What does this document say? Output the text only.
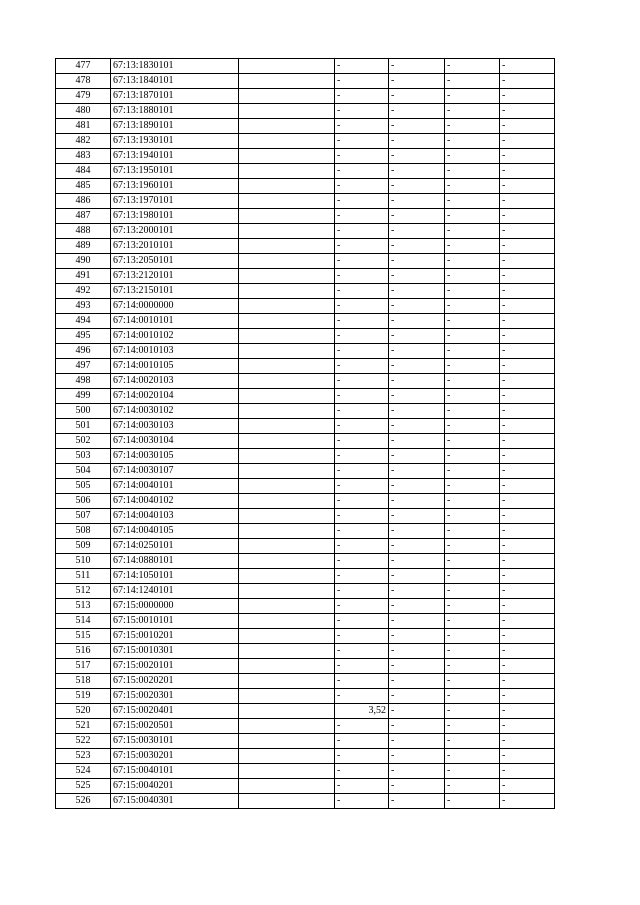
477	67:13:1830101		-	-	-	-
478	67:13:1840101		-	-	-	-
479	67:13:1870101		-	-	-	-
480	67:13:1880101		-	-	-	-
481	67:13:1890101		-	-	-	-
482	67:13:1930101		-	-	-	-
483	67:13:1940101		-	-	-	-
484	67:13:1950101		-	-	-	-
485	67:13:1960101		-	-	-	-
486	67:13:1970101		-	-	-	-
487	67:13:1980101		-	-	-	-
488	67:13:2000101		-	-	-	-
489	67:13:2010101		-	-	-	-
490	67:13:2050101		-	-	-	-
491	67:13:2120101		-	-	-	-
492	67:13:2150101		-	-	-	-
493	67:14:0000000		-	-	-	-
494	67:14:0010101		-	-	-	-
495	67:14:0010102		-	-	-	-
496	67:14:0010103		-	-	-	-
497	67:14:0010105		-	-	-	-
498	67:14:0020103		-	-	-	-
499	67:14:0020104		-	-	-	-
500	67:14:0030102		-	-	-	-
501	67:14:0030103		-	-	-	-
502	67:14:0030104		-	-	-	-
503	67:14:0030105		-	-	-	-
504	67:14:0030107		-	-	-	-
505	67:14:0040101		-	-	-	-
506	67:14:0040102		-	-	-	-
507	67:14:0040103		-	-	-	-
508	67:14:0040105		-	-	-	-
509	67:14:0250101		-	-	-	-
510	67:14:0880101		-	-	-	-
511	67:14:1050101		-	-	-	-
512	67:14:1240101		-	-	-	-
513	67:15:0000000		-	-	-	-
514	67:15:0010101		-	-	-	-
515	67:15:0010201		-	-	-	-
516	67:15:0010301		-	-	-	-
517	67:15:0020101		-	-	-	-
518	67:15:0020201		-	-	-	-
519	67:15:0020301		-	-	-	-
520	67:15:0020401		3,52	-	-	-
521	67:15:0020501		-	-	-	-
522	67:15:0030101		-	-	-	-
523	67:15:0030201		-	-	-	-
524	67:15:0040101		-	-	-	-
525	67:15:0040201		-	-	-	-
526	67:15:0040301		-	-	-	-
